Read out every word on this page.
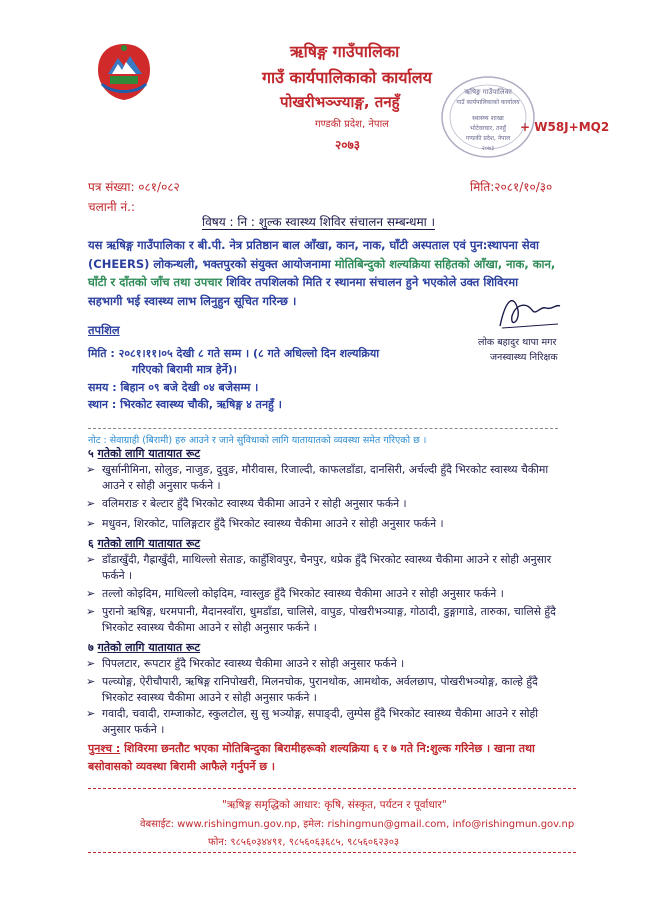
ऋषिङ्ग गाउँपालिका
गाउँ कार्यपालिकाको कार्यालय
पोखरीभञ्ज्याङ्ग, तनहुँ
गण्डकी प्रदेश, नेपाल
२०७३
+ W58J+MQ2
ऋषिङ्ग गाउँपालिका
गाउँ कार्यपालिकाको कार्यालय
स्वास्थ्य शाखा
भोटेवरघार, तनहुँ
गण्डकी प्रदेश, नेपाल
२०७३
पत्र संख्या: ०८१/०८२
चलानी नं.:
मिति:२०८१/१०/३०
विषय : नि : शुल्क स्वास्थ्य शिविर संचालन सम्बन्धमा ।
यस ऋषिङ्ग गाउँपालिका र बी.पी. नेत्र प्रतिष्ठान बाल आँखा, कान, नाक, घाँटी अस्पताल एवं पुन:स्थापना सेवा
(CHEERS) लोकन्थली, भक्तपुरको संयुक्त आयोजनामा मोतिबिन्दुको शल्यक्रिया सहितको आँखा, नाक, कान,
घाँटी र दाँतको जाँच तथा उपचार शिविर तपशिलको मिति र स्थानमा संचालन हुने भएकोले उक्त शिविरमा
सहभागी भई स्वास्थ्य लाभ लिनुहुन सूचित गरिन्छ ।
लोक बहादुर थापा मगर
जनस्वास्थ्य निरिक्षक
तपशिल
मिति : २०८१।११।०५ देखी ८ गते सम्म । (८ गते अधिल्लो दिन शल्यक्रिया
गरिएको बिरामी मात्र हेर्ने)।
समय : बिहान ०९ बजे देखी ०४ बजेसम्म ।
स्थान : भिरकोट स्वास्थ्य चौकी, ऋषिङ्ग ४ तनहुँ ।
नोट : सेवाग्राही (बिरामी) हरु आउने र जाने सुविधाको लागि यातायातको व्यवस्था समेत गरिएको छ ।
५ गतेको लागि यातायात रूट
➢ खुर्सानीमिना, सोलुङ, नाजुङ, दुवुङ, मौरीवास, रिजाल्दी, काफलडाँडा, दानसिरी, अर्चल्दी हुँदै भिरकोट स्वास्थ्य चैकीमा आउने र सोही अनुसार फर्कने ।
➢ वलिमराङ र बेल्टार हुँदै भिरकोट स्वास्थ्य चैकीमा आउने र सोही अनुसार फर्कने ।
➢ मधुवन, शिरकोट, पालिङ्गटार हुँदै भिरकोट स्वास्थ्य चैकीमा आउने र सोही अनुसार फर्कने ।
६ गतेको लागि यातायात रूट
➢ डाँडाखुँदी, गैह्राखुँदी, माथिल्लो सेताङ, काहुँशिवपुर, चैनपुर, थप्रेक हुँदै भिरकोट स्वास्थ्य चैकीमा आउने र सोही अनुसार फर्कने ।
➢ तल्लो कोइदिम, माथिल्लो कोइदिम, ग्वास्लुङ हुँदै भिरकोट स्वास्थ्य चैकीमा आउने र सोही अनुसार फर्कने ।
➢ पुरानो ऋषिङ्ग, धरमपानी, मैदानस्वाँरा, धुमडाँडा, चालिसे, वापुङ, पोखरीभञ्याङ्ग, गोठादी, डुङ्गागाडे, तारुका, चालिसे हुँदै भिरकोट स्वास्थ्य चैकीमा आउने र सोही अनुसार फर्कने ।
७ गतेको लागि यातायात रूट
➢ पिपलटार, रूपटार हुँदै भिरकोट स्वास्थ्य चैकीमा आउने र सोही अनुसार फर्कने ।
➢ पल्व्योङ्ग, ऐरीचौपारी, ऋषिङ्ग रानिपोखरी, मिलनचोक, पुरानथोक, आमथोक, अर्वलछाप, पोखरीभञ्योङ्ग, काल्हे हुँदै भिरकोट स्वास्थ्य चैकीमा आउने र सोही अनुसार फर्कने ।
➢ गवादी, चवादी, राम्जाकोट, स्कुलटोल, सु सु भञ्योङ्ग, सपाङ्दी, लुम्पेस हुँदै भिरकोट स्वास्थ्य चैकीमा आउने र सोही अनुसार फर्कने ।
पुनश्च : शिविरमा छनतौट भएका मोतिबिन्दुका बिरामीहरूको शल्यक्रिया ६ र ७ गते नि:शुल्क गरिनेछ । खाना तथा बसोवासको व्यवस्था बिरामी आफैले गर्नुपर्ने छ ।
"ऋषिङ्ग समृद्धिको आधार: कृषि, संस्कृत, पर्यटन र पूर्वाधार"
वेबसाईट: www.rishingmun.gov.np, इमेल: rishingmun@gmail.com, info@rishingmun.gov.np
फोन: ९८५६०३४४९१, ९८५६०६३६८५, ९८५६०६२३०३
